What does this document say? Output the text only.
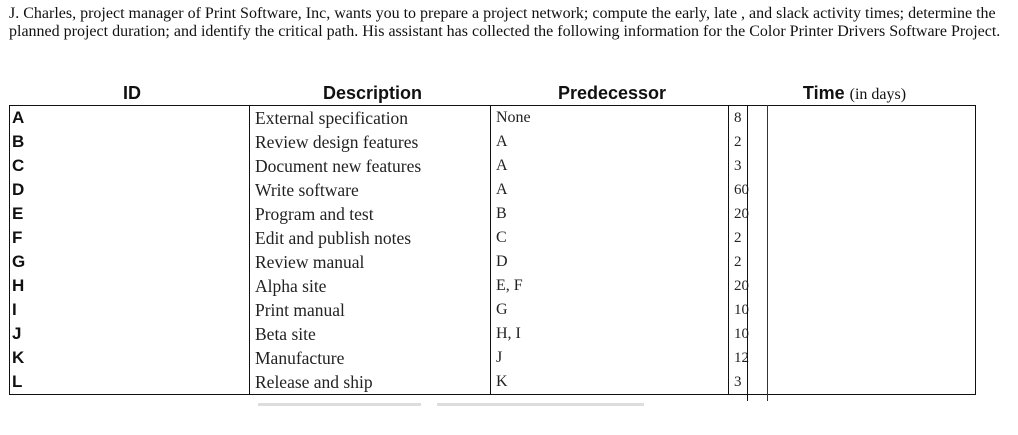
J. Charles, project manager of Print Software, Inc, wants you to prepare a project network; compute the early, late , and slack activity times; determine the planned project duration; and identify the critical path. His assistant has collected the following information for the Color Printer Drivers Software Project.

ID	Description	Predecessor	Time (in days)
A	External specification	None	8
B	Review design features	A	2
C	Document new features	A	3
D	Write software	A	60
E	Program and test	B	20
F	Edit and publish notes	C	2
G	Review manual	D	2
H	Alpha site	E, F	20
I	Print manual	G	10
J	Beta site	H, I	10
K	Manufacture	J	12
L	Release and ship	K	3
